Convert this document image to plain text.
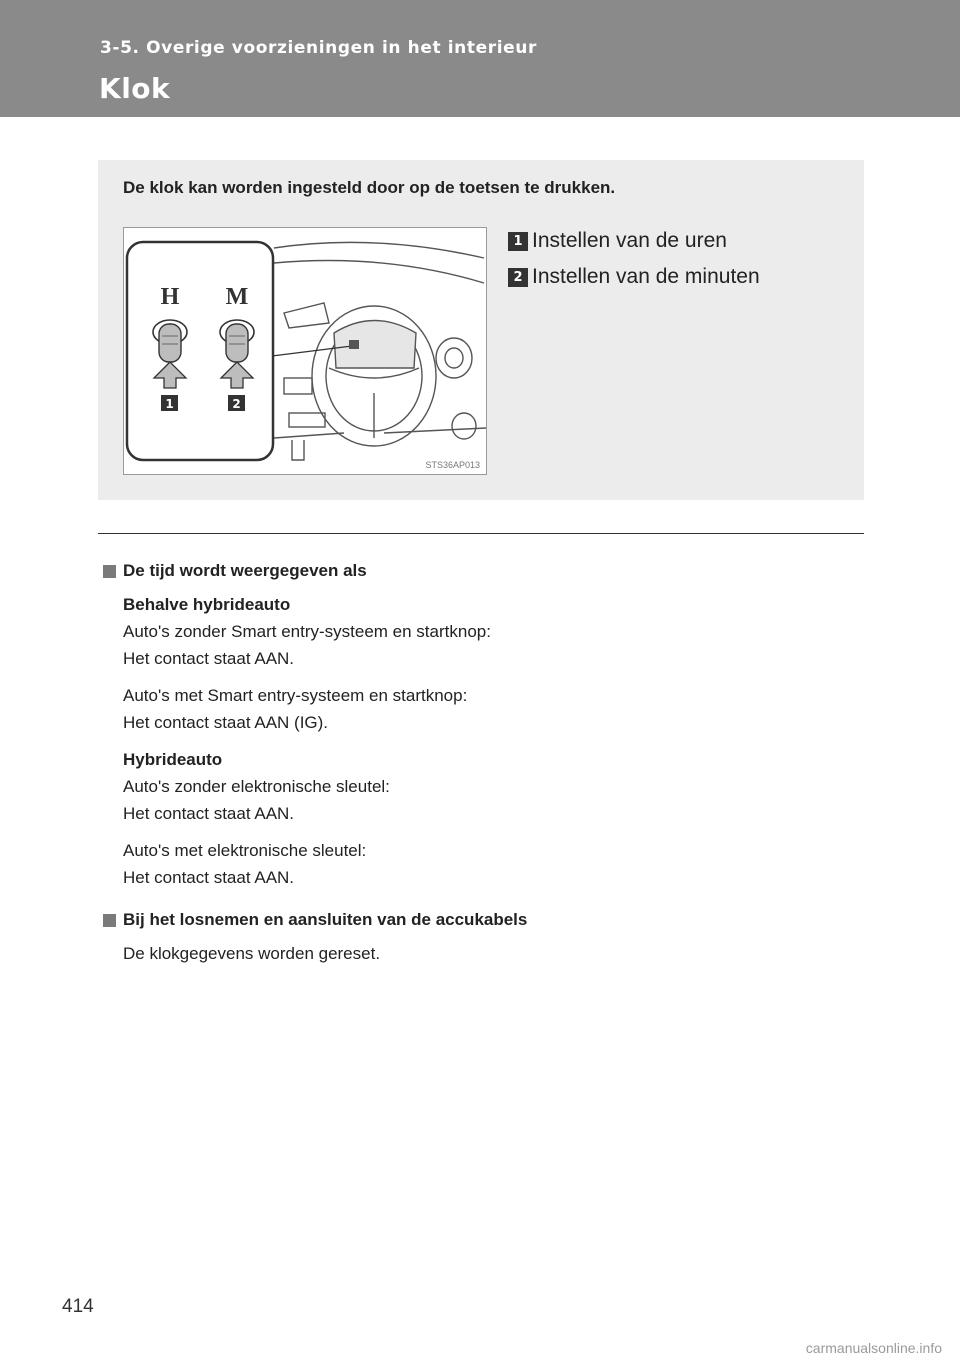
3-5. Overige voorzieningen in het interieur
Klok
De klok kan worden ingesteld door op de toetsen te drukken.
H M
1	2
STS36AP013
1 Instellen van de uren
2 Instellen van de minuten
De tijd wordt weergegeven als
Behalve hybrideauto
Auto's zonder Smart entry-systeem en startknop:
Het contact staat AAN.
Auto's met Smart entry-systeem en startknop:
Het contact staat AAN (IG).
Hybrideauto
Auto's zonder elektronische sleutel:
Het contact staat AAN.
Auto's met elektronische sleutel:
Het contact staat AAN.
Bij het losnemen en aansluiten van de accukabels
De klokgegevens worden gereset.
414
carmanualsonline.info
